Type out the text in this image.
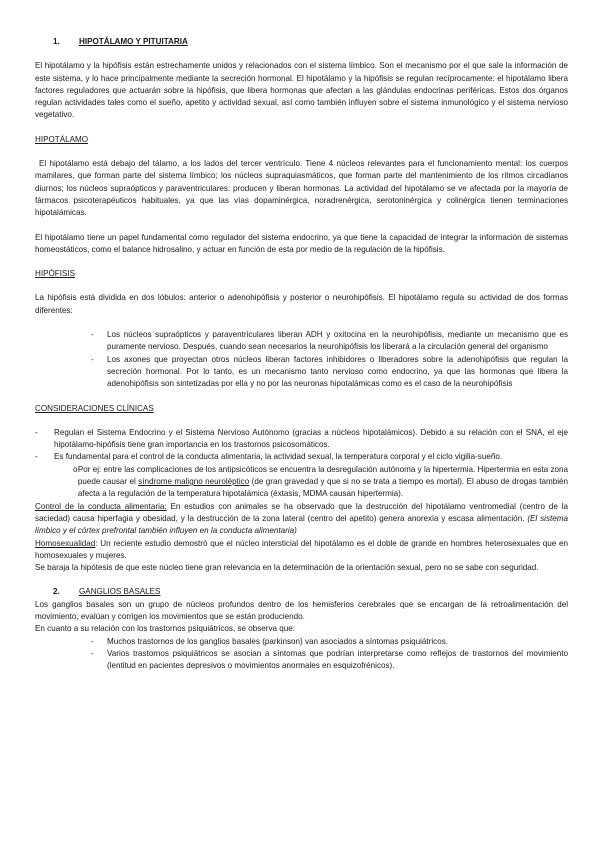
1.	HIPOTÁLAMO Y PITUITARIA

El hipotálamo y la hipófisis están estrechamente unidos y relacionados con el sistema límbico. Son el mecanismo por el que sale la información de este sistema, y lo hace principalmente mediante la secreción hormonal. El hipotálamo y la hipófisis se regulan recíprocamente: el hipotálamo libera factores reguladores que actuarán sobre la hipófisis, que libera hormonas que afectan a las glándulas endocrinas periféricas. Estos dos órganos regulan actividades tales como el sueño, apetito y actividad sexual, así como también influyen sobre el sistema inmunológico y el sistema nervioso vegetativo.

HIPOTÁLAMO

El hipotálamo está debajo del tálamo, a los lados del tercer ventrículo. Tiene 4 núcleos relevantes para el funcionamiento mental: los cuerpos mamilares, que forman parte del sistema límbico; los núcleos supraquiasmáticos, que forman parte del mantenimiento de los ritmos circadianos diurnos; los núcleos supraópticos y paraventriculares: producen y liberan hormonas. La actividad del hipotálamo se ve afectada por la mayoría de fármacos psicoterapéuticos habituales, ya que las vías dopaminérgica, noradrenérgica, serotoninérgica y colinérgica tienen terminaciones hipotalámicas.

El hipotálamo tiene un papel fundamental como regulador del sistema endocrino, ya que tiene la capacidad de integrar la información de sistemas homeostáticos, como el balance hidrosalino, y actuar en función de esta por medio de la regulación de la hipófisis.

HIPÓFISIS

La hipófisis está dividida en dos lóbulos: anterior o adenohipófisis y posterior o neurohipófisis. El hipotálamo regula su actividad de dos formas diferentes:

-	Los núcleos supraópticos y paraventriculares liberan ADH y oxitocina en la neurohipófisis, mediante un mecanismo que es puramente nervioso. Después, cuando sean necesarios la neurohipófisis los liberará a la circulación general del organismo
-	Los axones que proyectan otros núcleos liberan factores inhibidores o liberadores sobre la adenohipófisis que regulan la secreción hormonal. Por lo tanto, es un mecanismo tanto nervioso como endocrino, ya que las hormonas que libera la adenohipófisis son sintetizadas por ella y no por las neuronas hipotalámicas como es el caso de la neurohipófisis
CONSIDERACIONES CLÍNICAS
-	Regulan el Sistema Endocrino y el Sistema Nervioso Autónomo (gracias a núcleos hipotalámicos). Debido a su relación con el SNA, el eje hipotálamo-hipófisis tiene gran importancia en los trastornos psicosomáticos.
-	Es fundamental para el control de la conducta alimentaria, la actividad sexual, la temperatura corporal y el ciclo vigilia-sueño.
o Por ej: entre las complicaciones de los antipsicóticos se encuentra la desregulación autónoma y la hipertermia. Hipertermia en esta zona puede causar el síndrome maligno neuroléptico (de gran gravedad y que si no se trata a tiempo es mortal). El abuso de drogas también afecta a la regulación de la temperatura hipotalámica (éxtasis, MDMA causan hipertermia).

Control de la conducta alimentaria: En estudios con animales se ha observado que la destrucción del hipotálamo ventromedial (centro de la saciedad) causa hiperfagia y obesidad, y la destrucción de la zona lateral (centro del apetito) genera anorexia y escasa alimentación. (El sistema límbico y el córtex prefrontal también influyen en la conducta alimentaria)

Homosexualidad: Un reciente estudio demostró que el núcleo intersticial del hipotálamo es el doble de grande en hombres heterosexuales que en homosexuales y mujeres.

Se baraja la hipótesis de que este núcleo tiene gran relevancia en la determinación de la orientación sexual, pero no se sabe con seguridad.

2.	GANGLIOS BASALES

Los ganglios basales son un grupo de núcleos profundos dentro de los hemisferios cerebrales que se encargan de la retroalimentación del movimiento, evalúan y corrigen los movimientos que se están produciendo.

En cuanto a su relación con los trastornos psiquiátricos, se observa que:

-	Muchos trastornos de los ganglios basales (parkinson) van asociados a síntomas psiquiátricos.
-	Varios trastornos psiquiátricos se asocian a síntomas que podrían interpretarse como reflejos de trastornos del movimiento (lentitud en pacientes depresivos o movimientos anormales en esquizofrénicos).
